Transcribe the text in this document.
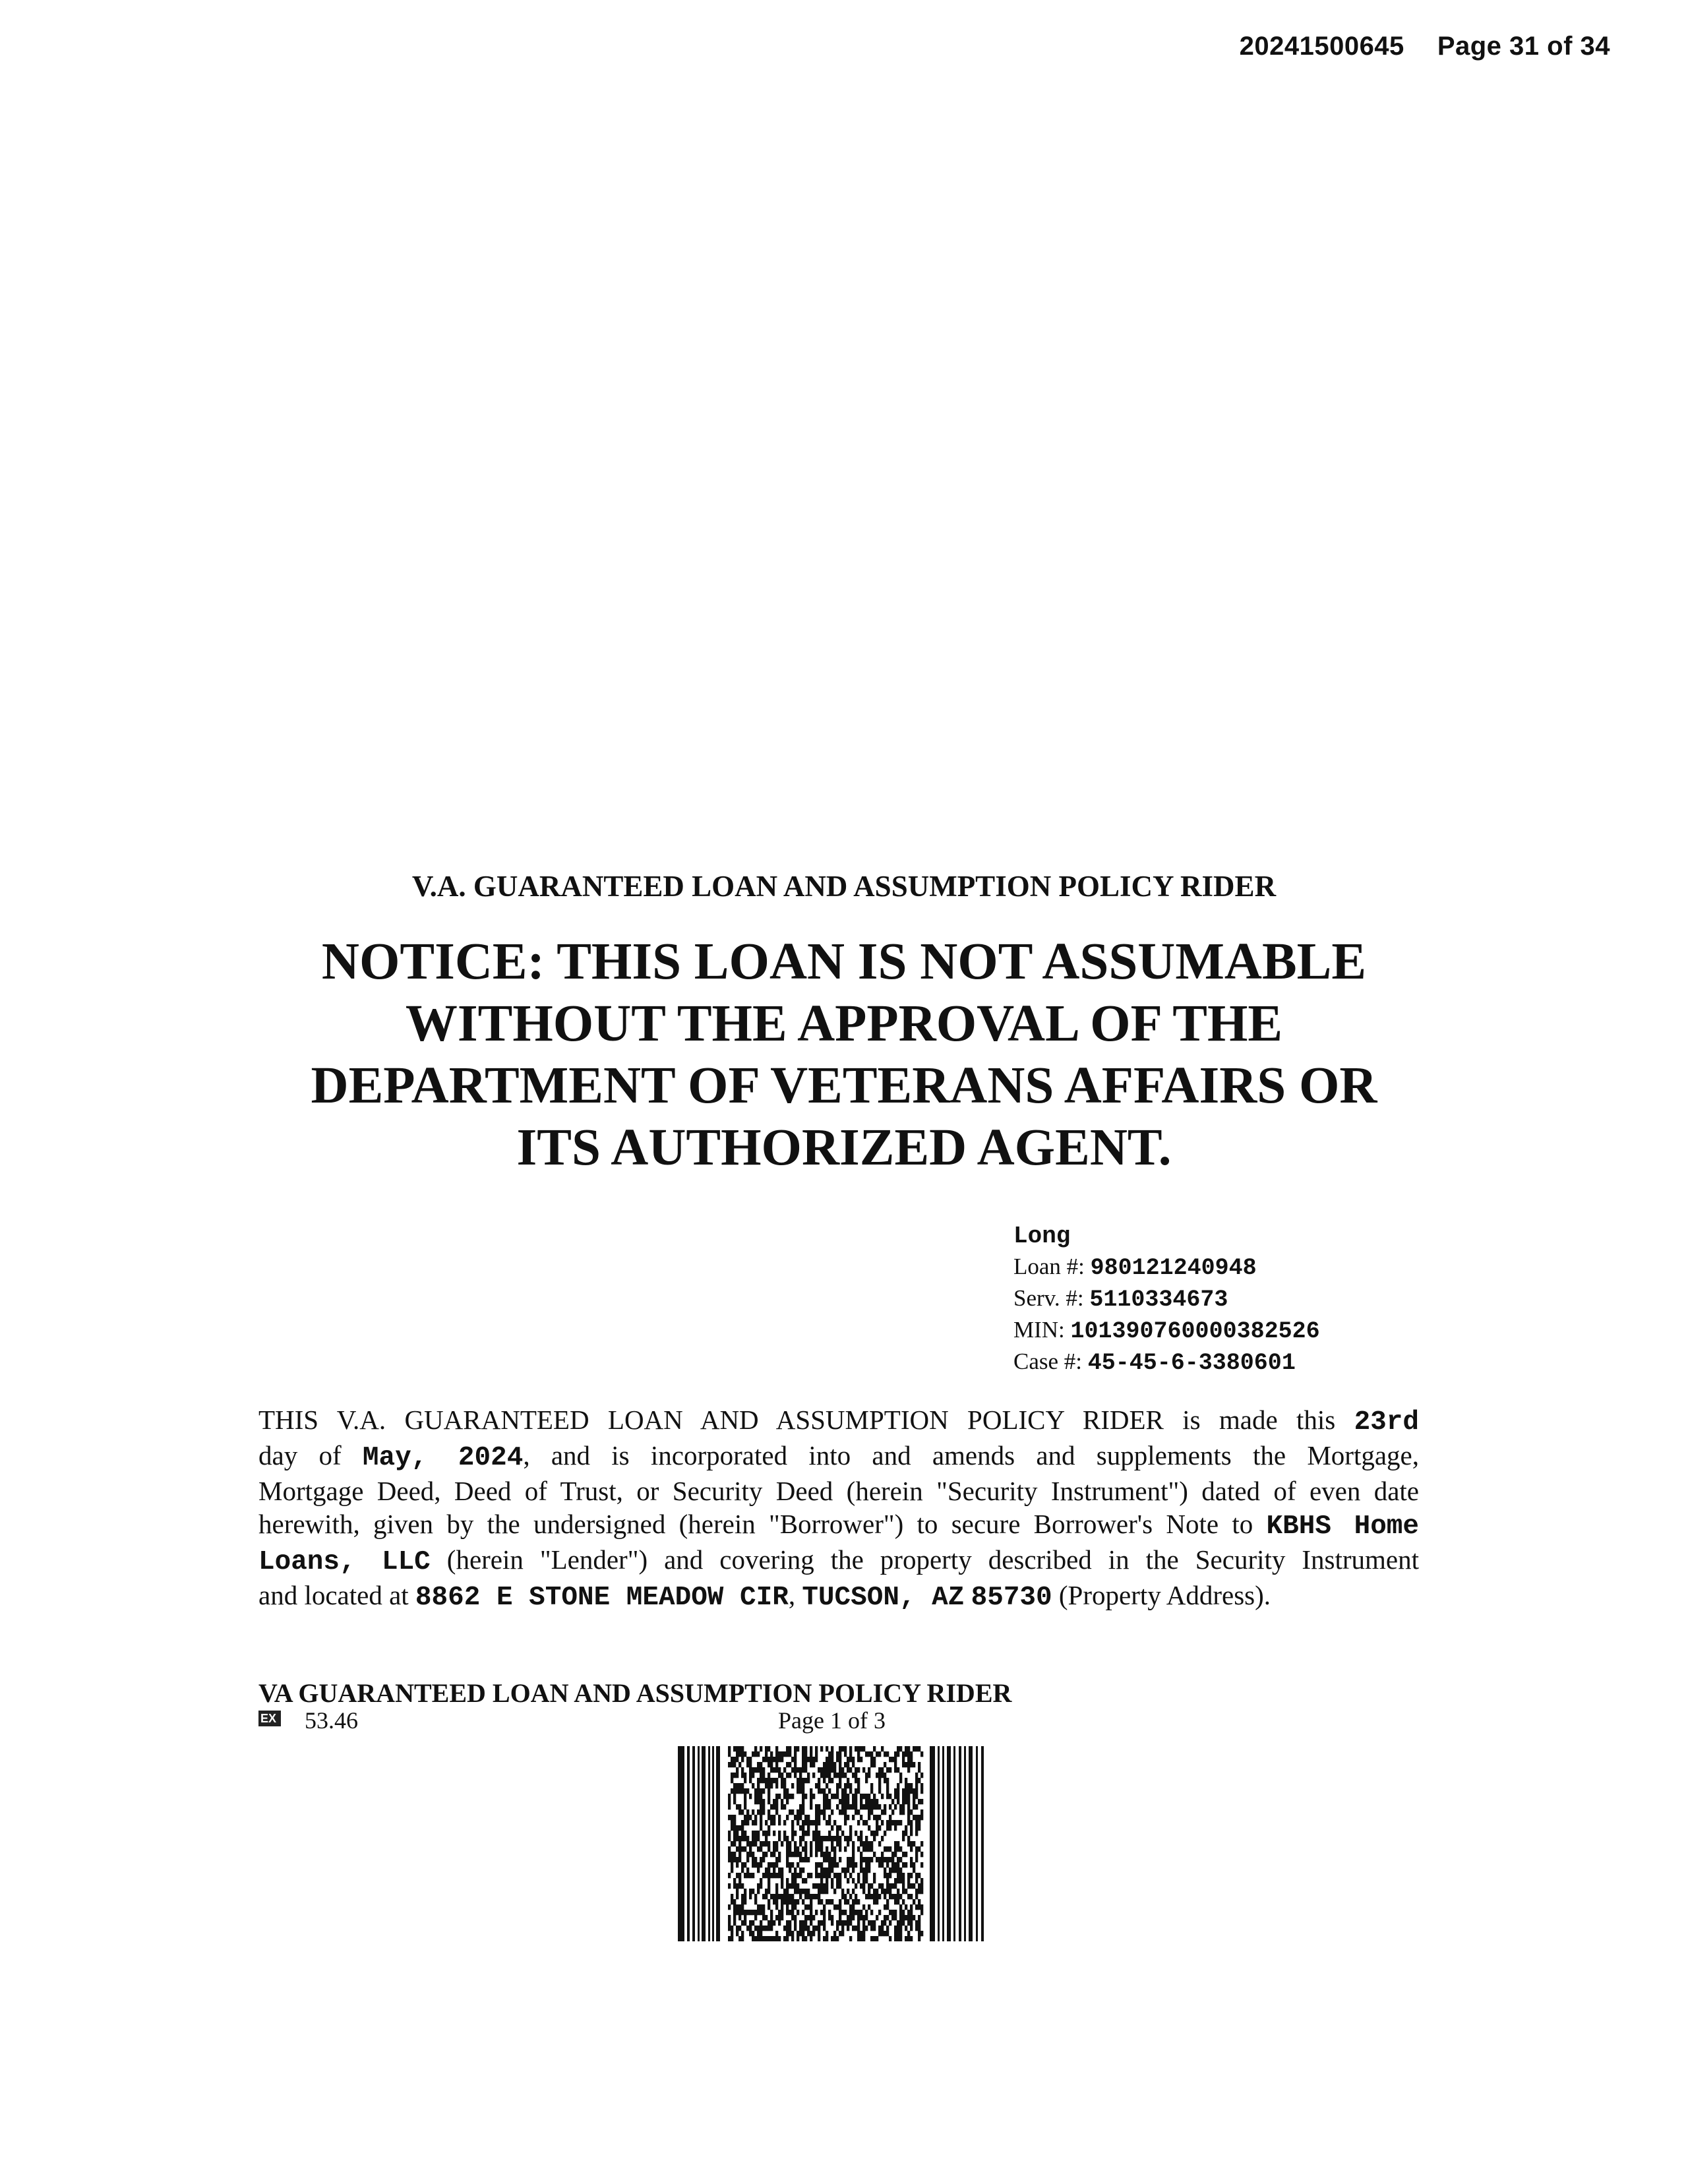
20241500645 Page 31 of 34
V.A. GUARANTEED LOAN AND ASSUMPTION POLICY RIDER
NOTICE: THIS LOAN IS NOT ASSUMABLE
WITHOUT THE APPROVAL OF THE
DEPARTMENT OF VETERANS AFFAIRS OR
ITS AUTHORIZED AGENT.
Long
Loan #: 980121240948
Serv. #: 5110334673
MIN: 101390760000382526
Case #: 45-45-6-3380601
THIS V.A. GUARANTEED LOAN AND ASSUMPTION POLICY RIDER is made this 23rd
day of May, 2024, and is incorporated into and amends and supplements the Mortgage,
Mortgage Deed, Deed of Trust, or Security Deed (herein "Security Instrument") dated of even date
herewith, given by the undersigned (herein "Borrower") to secure Borrower's Note to KBHS Home
Loans, LLC (herein "Lender") and covering the property described in the Security Instrument
and located at 8862 E STONE MEADOW CIR, TUCSON, AZ 85730 (Property Address).
VA GUARANTEED LOAN AND ASSUMPTION POLICY RIDER
EX
53.46	Page 1 of 3
